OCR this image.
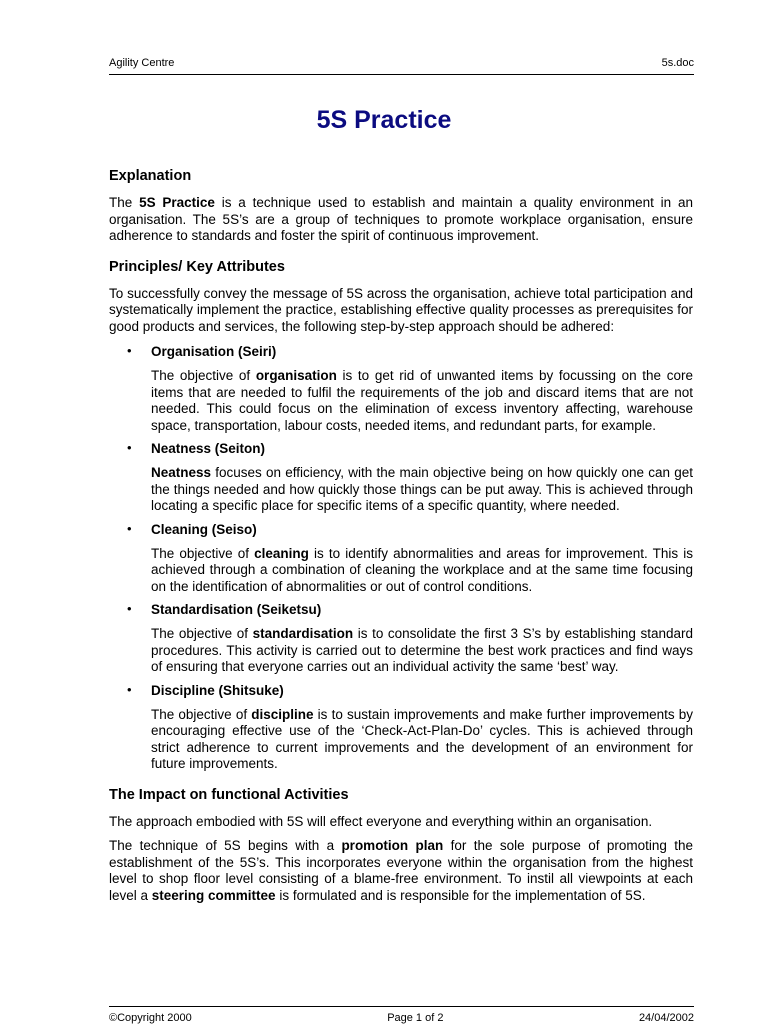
Agility Centre	5s.doc
5S Practice
Explanation

The 5S Practice is a technique used to establish and maintain a quality environment in an organisation. The 5S’s are a group of techniques to promote workplace organisation, ensure adherence to standards and foster the spirit of continuous improvement.

Principles/ Key Attributes

To successfully convey the message of 5S across the organisation, achieve total participation and systematically implement the practice, establishing effective quality processes as prerequisites for good products and services, the following step-by-step approach should be adhered:

• Organisation (Seiri)

The objective of organisation is to get rid of unwanted items by focussing on the core items that are needed to fulfil the requirements of the job and discard items that are not needed. This could focus on the elimination of excess inventory affecting, warehouse space, transportation, labour costs, needed items, and redundant parts, for example.

• Neatness (Seiton)

Neatness focuses on efficiency, with the main objective being on how quickly one can get the things needed and how quickly those things can be put away. This is achieved through locating a specific place for specific items of a specific quantity, where needed.

• Cleaning (Seiso)

The objective of cleaning is to identify abnormalities and areas for improvement. This is achieved through a combination of cleaning the workplace and at the same time focusing on the identification of abnormalities or out of control conditions.

• Standardisation (Seiketsu)

The objective of standardisation is to consolidate the first 3 S’s by establishing standard procedures. This activity is carried out to determine the best work practices and find ways of ensuring that everyone carries out an individual activity the same ‘best’ way.

• Discipline (Shitsuke)

The objective of discipline is to sustain improvements and make further improvements by encouraging effective use of the ‘Check-Act-Plan-Do’ cycles. This is achieved through strict adherence to current improvements and the development of an environment for future improvements.

The Impact on functional Activities

The approach embodied with 5S will effect everyone and everything within an organisation.

The technique of 5S begins with a promotion plan for the sole purpose of promoting the establishment of the 5S’s. This incorporates everyone within the organisation from the highest level to shop floor level consisting of a blame-free environment. To instil all viewpoints at each level a steering committee is formulated and is responsible for the implementation of 5S.

©Copyright 2000	Page 1 of 2	24/04/2002
